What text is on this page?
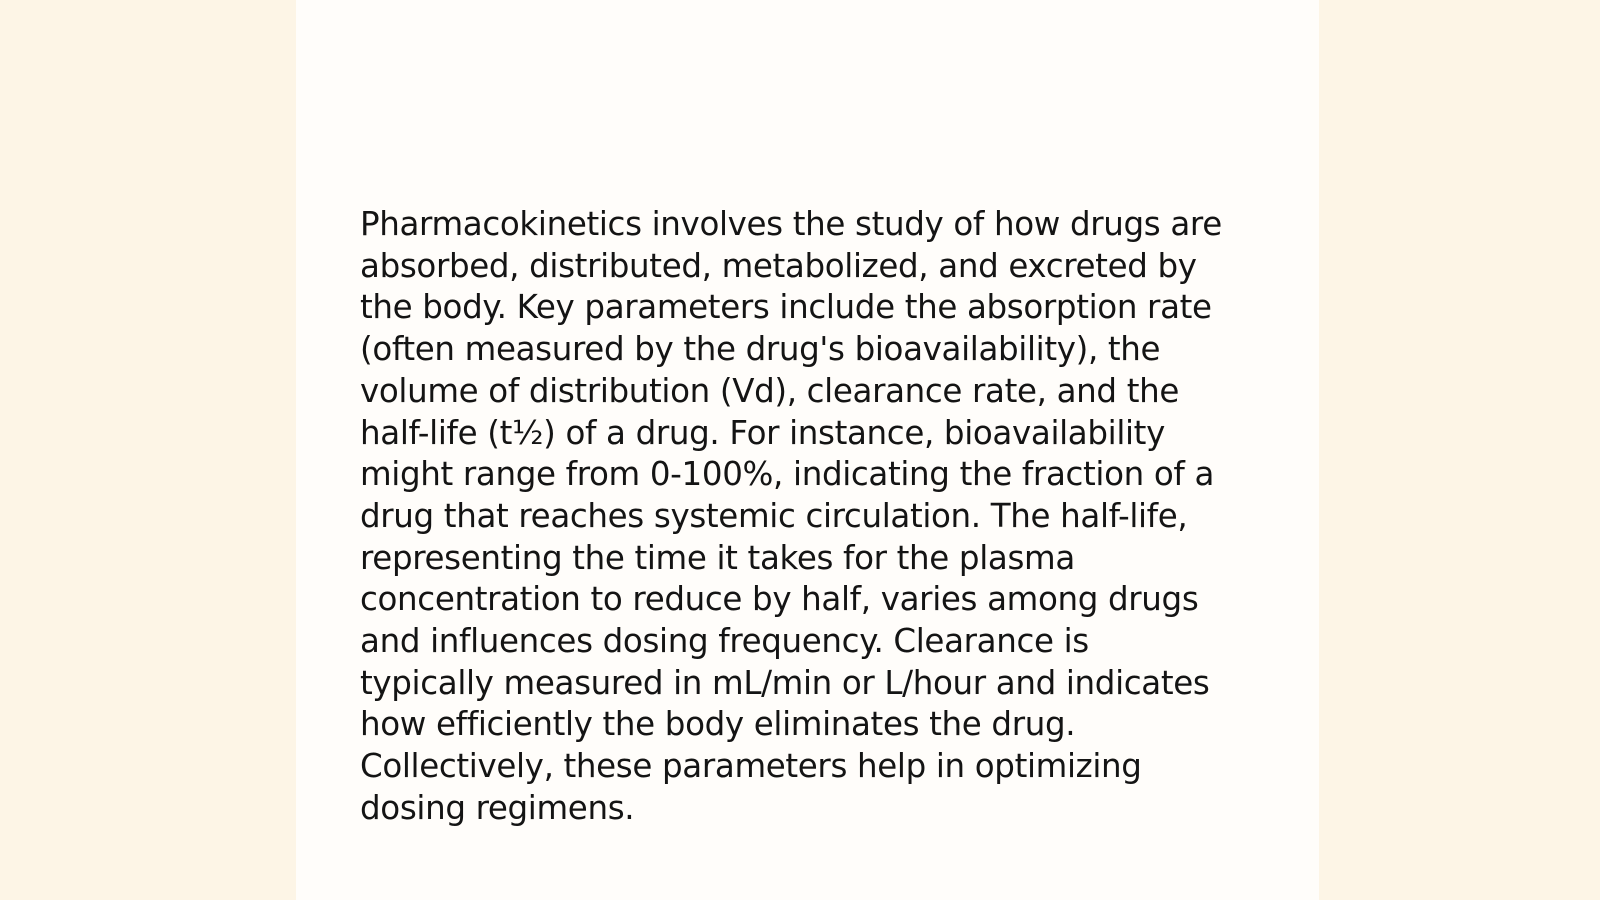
Pharmacokinetics involves the study of how drugs are
absorbed, distributed, metabolized, and excreted by
the body. Key parameters include the absorption rate
(often measured by the drug's bioavailability), the
volume of distribution (Vd), clearance rate, and the
half-life (t½) of a drug. For instance, bioavailability
might range from 0-100%, indicating the fraction of a
drug that reaches systemic circulation. The half-life,
representing the time it takes for the plasma
concentration to reduce by half, varies among drugs
and influences dosing frequency. Clearance is
typically measured in mL/min or L/hour and indicates
how efficiently the body eliminates the drug.
Collectively, these parameters help in optimizing
dosing regimens.
